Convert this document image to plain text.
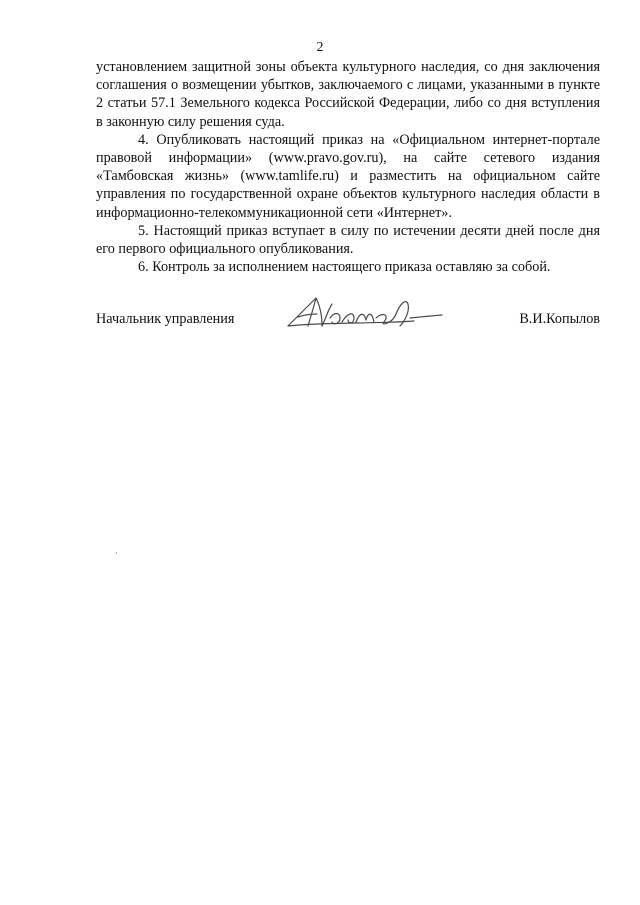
2

установлением защитной зоны объекта культурного наследия, со дня заключения соглашения о возмещении убытков, заключаемого с лицами, указанными в пункте 2 статьи 57.1 Земельного кодекса Российской Федерации, либо со дня вступления в законную силу решения суда.

4. Опубликовать настоящий приказ на «Официальном интернет-портале правовой информации» (www.pravo.gov.ru), на сайте сетевого издания «Тамбовская жизнь» (www.tamlife.ru) и разместить на официальном сайте управления по государственной охране объектов культурного наследия области в информационно-телекоммуникационной сети «Интернет».

5. Настоящий приказ вступает в силу по истечении десяти дней после дня его первого официального опубликования.

6. Контроль за исполнением настоящего приказа оставляю за собой.

Начальник управления	В.И.Копылов
